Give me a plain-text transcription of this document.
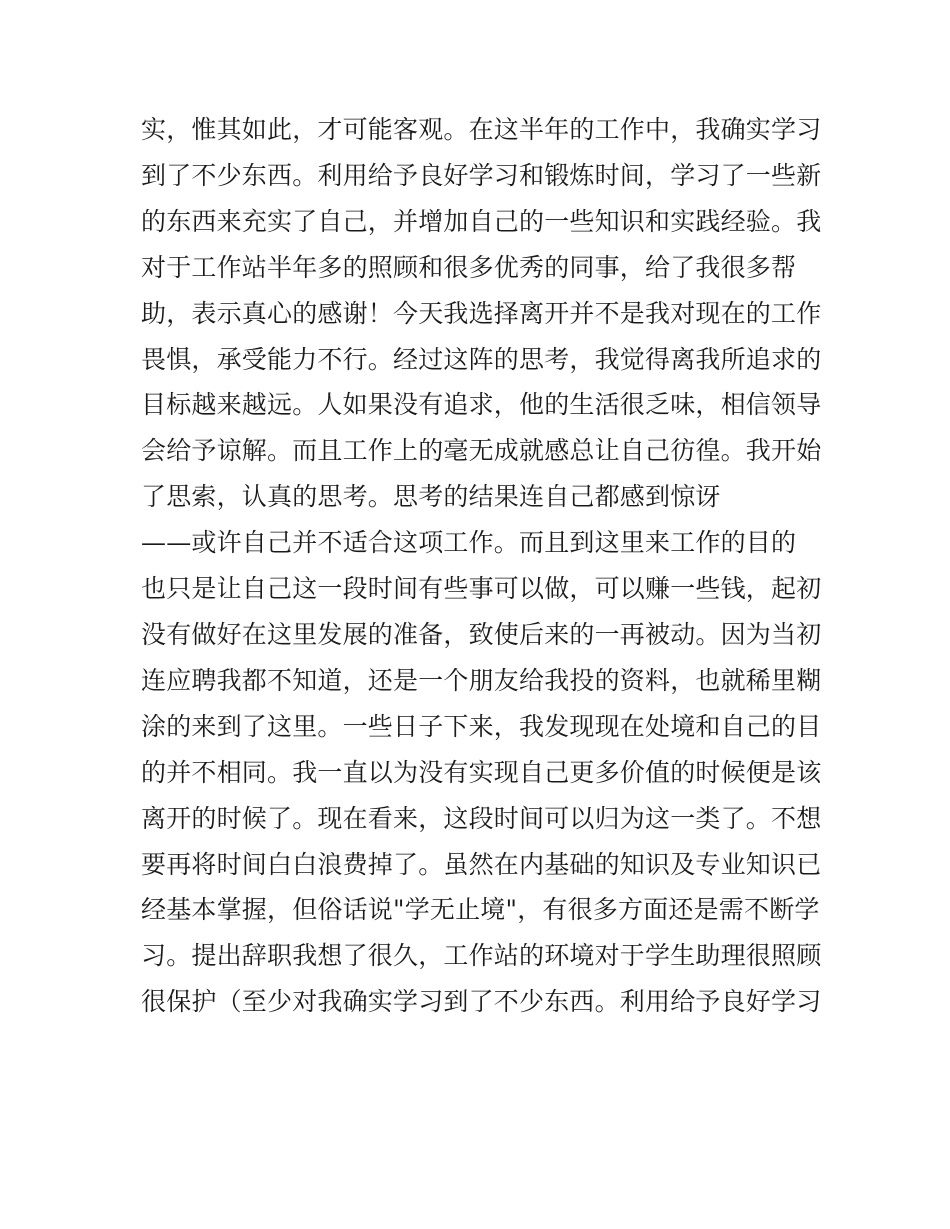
实，惟其如此，才可能客观。在这半年的工作中，我确实学习
到了不少东西。利用给予良好学习和锻炼时间，学习了一些新
的东西来充实了自己，并增加自己的一些知识和实践经验。我
对于工作站半年多的照顾和很多优秀的同事，给了我很多帮
助，表示真心的感谢！今天我选择离开并不是我对现在的工作
畏惧，承受能力不行。经过这阵的思考，我觉得离我所追求的
目标越来越远。人如果没有追求，他的生活很乏味，相信领导
会给予谅解。而且工作上的毫无成就感总让自己彷徨。我开始
了思索，认真的思考。思考的结果连自己都感到惊讶
——或许自己并不适合这项工作。而且到这里来工作的目的
也只是让自己这一段时间有些事可以做，可以赚一些钱，起初
没有做好在这里发展的准备，致使后来的一再被动。因为当初
连应聘我都不知道，还是一个朋友给我投的资料，也就稀里糊
涂的来到了这里。一些日子下来，我发现现在处境和自己的目
的并不相同。我一直以为没有实现自己更多价值的时候便是该
离开的时候了。现在看来，这段时间可以归为这一类了。不想
要再将时间白白浪费掉了。虽然在内基础的知识及专业知识已
经基本掌握，但俗话说"学无止境"，有很多方面还是需不断学
习。提出辞职我想了很久，工作站的环境对于学生助理很照顾
很保护（至少对我确实学习到了不少东西。利用给予良好学习
